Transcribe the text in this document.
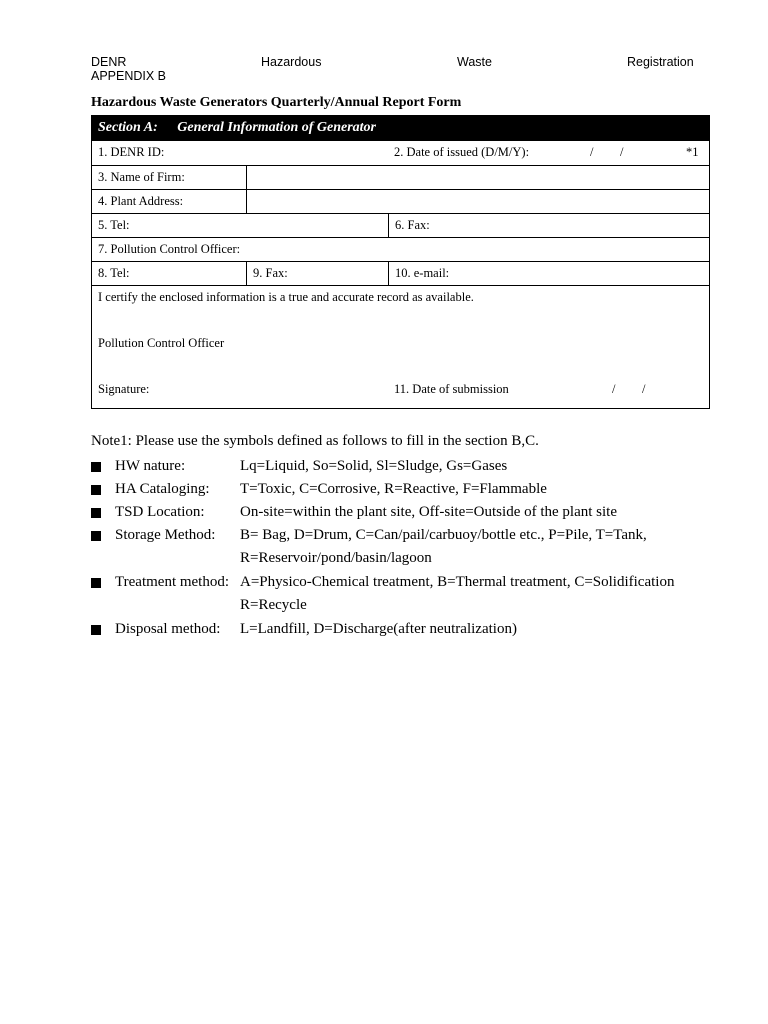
DENR	Hazardous	Waste	Registration
APPENDIX B
Hazardous Waste Generators Quarterly/Annual Report Form
Section A: General Information of Generator
1. DENR ID:	2. Date of issued (D/M/Y):	/ /	*1
3. Name of Firm:
4. Plant Address:
5. Tel:	6. Fax:
7. Pollution Control Officer:
8. Tel:	9. Fax:	10. e-mail:
I certify the enclosed information is a true and accurate record as available.
Pollution Control Officer
Signature:	11. Date of submission	/ /
Note1: Please use the symbols defined as follows to fill in the section B,C.
HW nature:	Lq=Liquid, So=Solid, Sl=Sludge, Gs=Gases
HA Cataloging: T=Toxic, C=Corrosive, R=Reactive, F=Flammable
TSD Location: On-site=within the plant site, Off-site=Outside of the plant site
Storage Method: B= Bag, D=Drum, C=Can/pail/carbuoy/bottle etc., P=Pile, T=Tank,
R=Reservoir/pond/basin/lagoon
Treatment method: A=Physico-Chemical treatment, B=Thermal treatment, C=Solidification
R=Recycle
Disposal method: L=Landfill, D=Discharge(after neutralization)
